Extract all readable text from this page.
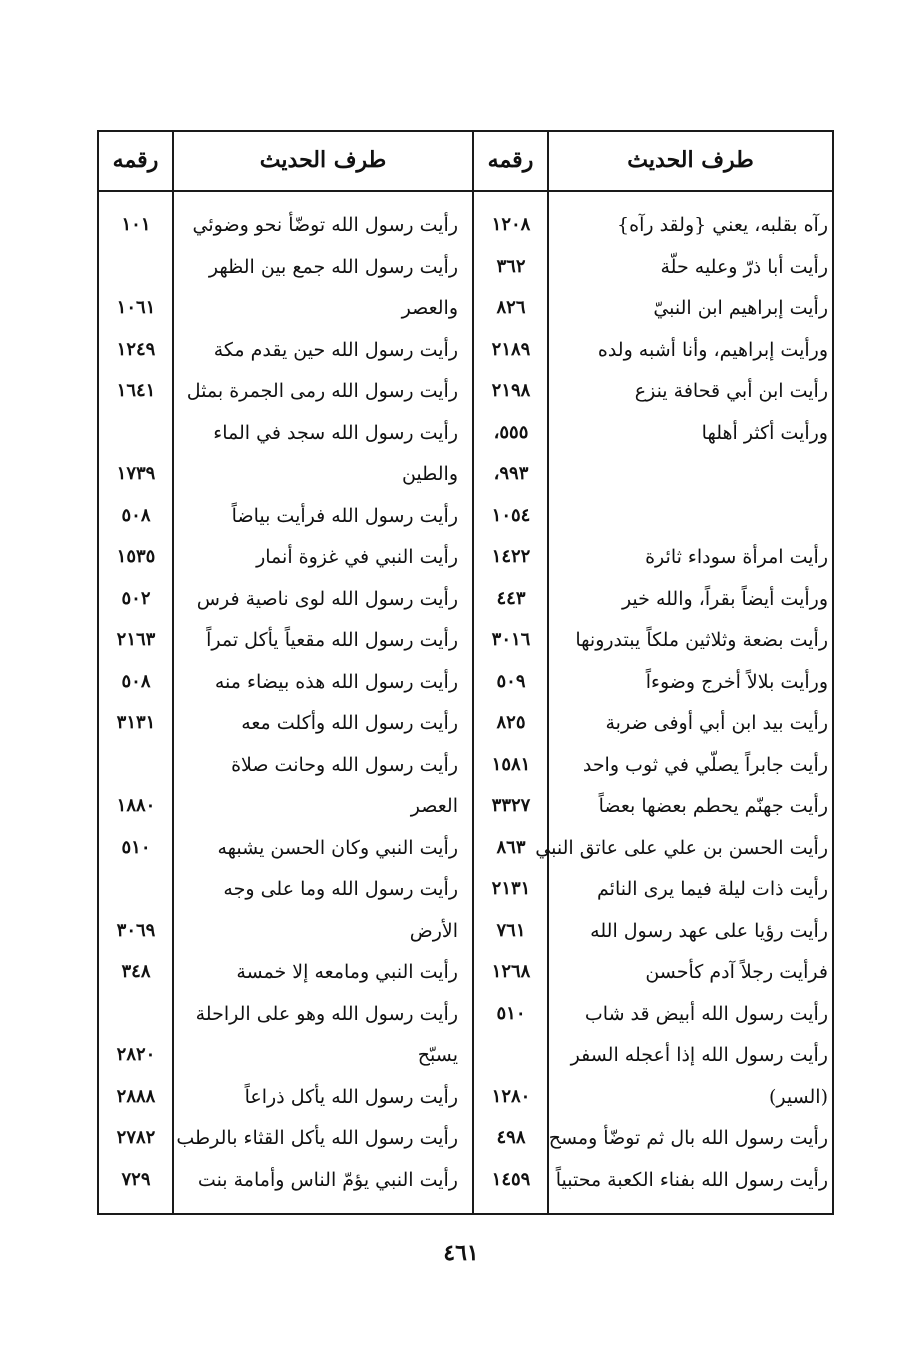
طرف الحديث
رقمه
طرف الحديث
رقمه
رآه بقلبه، يعني {ولقد رآه}
١٢٠٨
رأيت أبا ذرّ وعليه حلّة
٣٦٢
رأيت إبراهيم ابن النبيّ
٨٢٦
ورأيت إبراهيم، وأنا أشبه ولده
٢١٨٩
رأيت ابن أبي قحافة ينزع
٢١٩٨
ورأيت أكثر أهلها
٥٥٥،
٩٩٣،
١٠٥٤
رأيت امرأة سوداء ثائرة
١٤٢٢
ورأيت أيضاً بقراً، والله خير
٤٤٣
رأيت بضعة وثلاثين ملكاً يبتدرونها
٣٠١٦
ورأيت بلالاً أخرج وضوءاً
٥٠٩
رأيت بيد ابن أبي أوفى ضربة
٨٢٥
رأيت جابراً يصلّي في ثوب واحد
١٥٨١
رأيت جهنّم يحطم بعضها بعضاً
٣٣٢٧
رأيت الحسن بن علي على عاتق النبي
٨٦٣
رأيت ذات ليلة فيما يرى النائم
٢١٣١
رأيت رؤيا على عهد رسول الله
٧٦١
فرأيت رجلاً آدم كأحسن
١٢٦٨
رأيت رسول الله أبيض قد شاب
٥١٠
رأيت رسول الله إذا أعجله السفر
(السير)
١٢٨٠
رأيت رسول الله بال ثم توضّأ ومسح
٤٩٨
رأيت رسول الله بفناء الكعبة محتبياً
١٤٥٩
رأيت رسول الله توضّأ نحو وضوئي
١٠١
رأيت رسول الله جمع بين الظهر
والعصر
١٠٦١
رأيت رسول الله حين يقدم مكة
١٢٤٩
رأيت رسول الله رمى الجمرة بمثل
١٦٤١
رأيت رسول الله سجد في الماء
والطين
١٧٣٩
رأيت رسول الله فرأيت بياضاً
٥٠٨
رأيت النبي في غزوة أنمار
١٥٣٥
رأيت رسول الله لوى ناصية فرس
٥٠٢
رأيت رسول الله مقعياً يأكل تمراً
٢١٦٣
رأيت رسول الله هذه بيضاء منه
٥٠٨
رأيت رسول الله وأكلت معه
٣١٣١
رأيت رسول الله وحانت صلاة
العصر
١٨٨٠
رأيت النبي وكان الحسن يشبهه
٥١٠
رأيت رسول الله وما على وجه
الأرض
٣٠٦٩
رأيت النبي ومامعه إلا خمسة
٣٤٨
رأيت رسول الله وهو على الراحلة
يسبّح
٢٨٢٠
رأيت رسول الله يأكل ذراعاً
٢٨٨٨
رأيت رسول الله يأكل القثاء بالرطب
٢٧٨٢
رأيت النبي يؤمّ الناس وأمامة بنت
٧٢٩
٤٦١
